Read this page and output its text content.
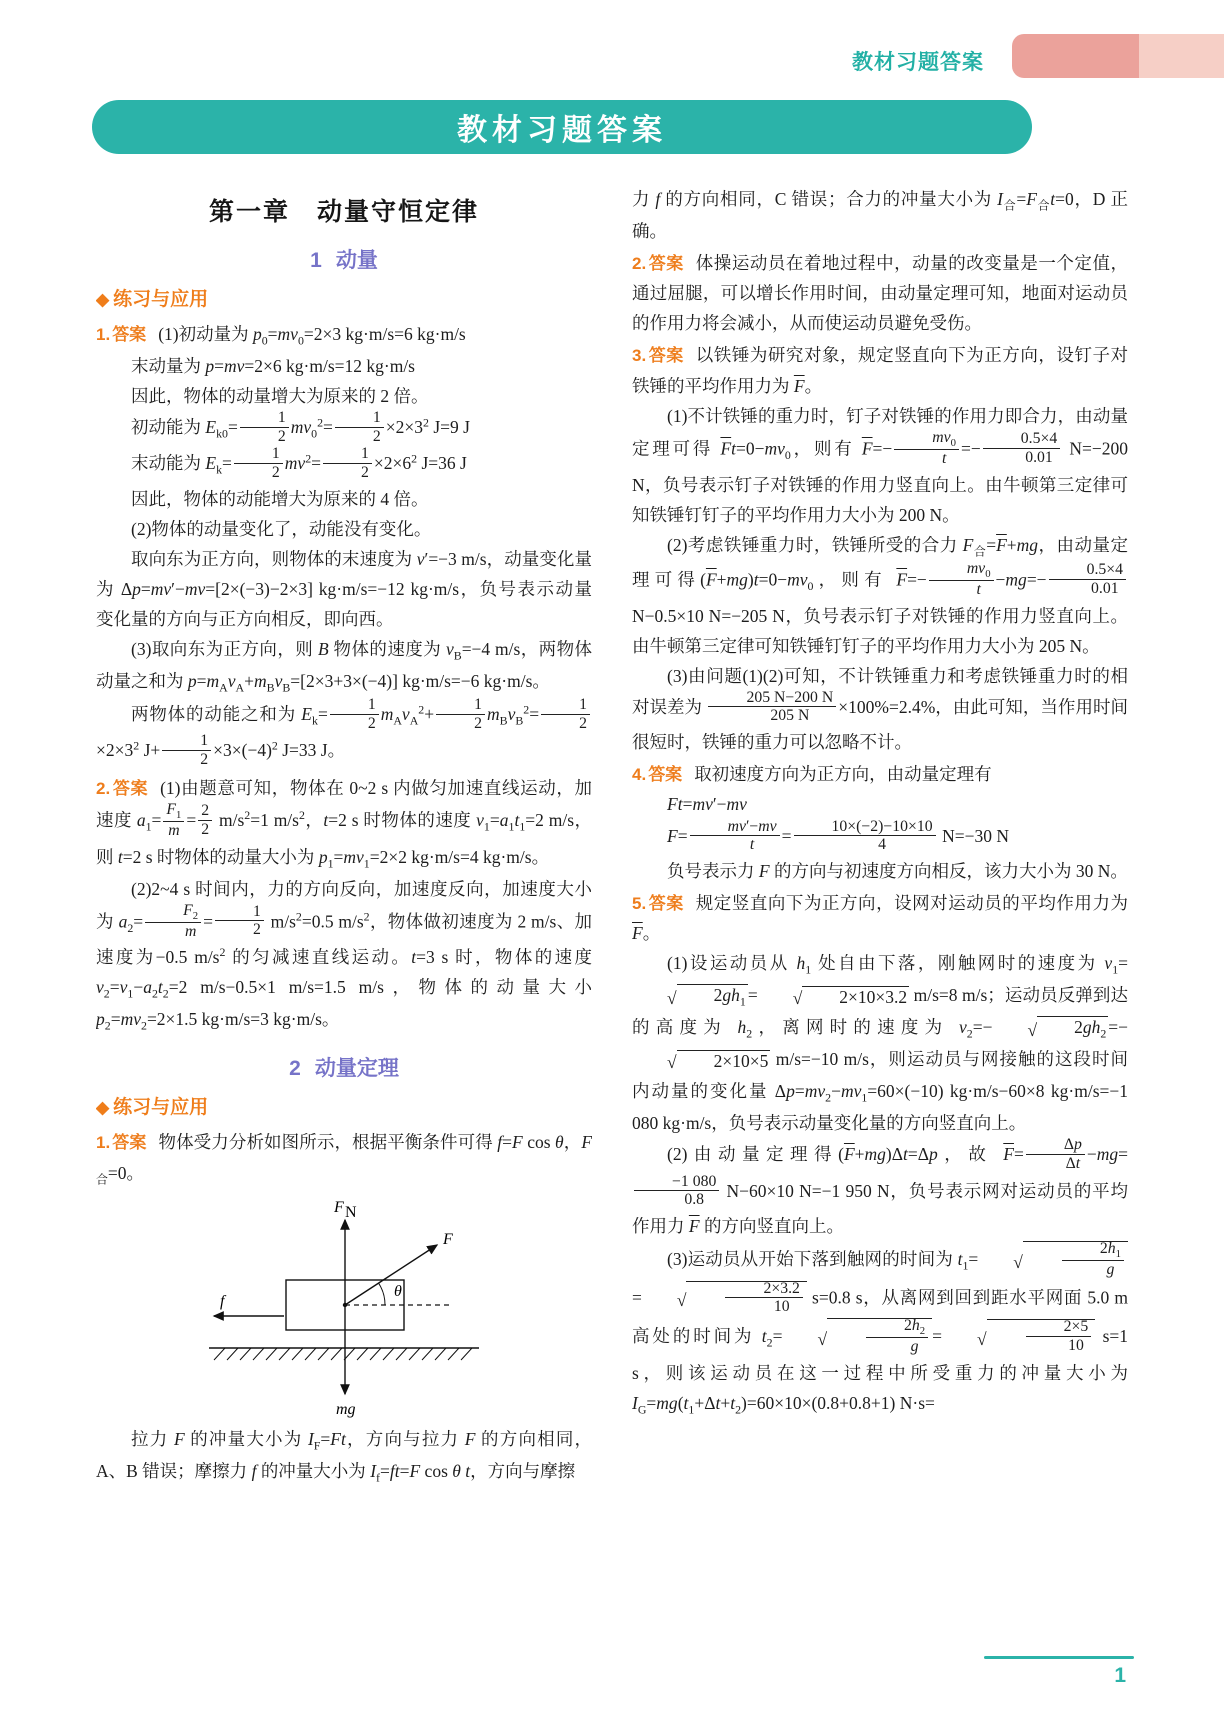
教材习题答案
教材习题答案
第一章　动量守恒定律
1 动量
◆ 练习与应用

1. 答案 (1)初动量为 $p_0=mv_0=2\times 3$ kg·m/s=6 kg·m/s

末动量为 p=mv=2×6 kg·m/s=12 kg·m/s

因此，物体的动量增大为原来的 2 倍。

初动能为 $E_{k0}= \frac{1}{2} mv_0^2= \frac{1}{2} \times 2\times 3^2$ J=9 J

末动能为 $E_k= \frac{1}{2} mv^2= \frac{1}{2} \times 2\times 6^2$ J=36 J

因此，物体的动能增大为原来的 4 倍。

(2)物体的动量变化了，动能没有变化。

取向东为正方向，则物体的末速度为 v′=−3 m/s，动量变化量为 Δp=mv′−mv=[2×(−3)−2×3] kg·m/s=−12 kg·m/s，负号表示动量变化量的方向与正方向相反，即向西。

(3)取向东为正方向，则 B 物体的速度为 $v_B=-4$ m/s，两物体动量之和为 $p=m_Av_A+m_Bv_B=[2\times 3+3\times(-4)]$ kg·m/s=−6 kg·m/s。

两物体的动能之和为 $E_k= \frac{1}{2} m_Av_A^2+ \frac{1}{2} m_Bv_B^2= \frac{1}{2}$
$\times 2\times 3^2$ $J+ \frac{1}{2} \times 3\times(-4)^2$ J=33 J。

2. 答案 (1)由题意可知，物体在 0~2 s 内做匀加速直线运动，加速度 $a_1= \frac{F_1}{m} = \frac{2}{2} m/s^2=1$ $m/s^2$，t=2 s 时物体的速度 $v_1=a_1t_1=2$ m/s，则 t=2 s 时物体的动量大小为 $p_1=mv_1=2\times 2$ kg·m/s=4 kg·m/s。

(2)2~4 s 时间内，力的方向反向，加速度反向，加速度大小为 $a_2= \frac{F_2}{m} = \frac{1}{2} m/s^2=0.5$ $m/s^2$，物体做初速度为 2 m/s、加速度为−0.5 $m/s^2$ 的匀减速直线运动。t=3 s 时，物体的速度 $v_2=v_1-a_2t_2=2$ m/s−0.5×1 m/s=1.5 m/s，物体的动量大小 $p_2=mv_2=2\times 1.5$ kg·m/s=3 kg·m/s。

2 动量定理
◆ 练习与应用

1. 答案 物体受力分析如图所示，根据平衡条件可得 f=F cos θ，$F_合=0$。

F N
F
θ
f
mg

拉力 F 的冲量大小为 $I_F=Ft$，方向与拉力 F 的方向相同，A、B 错误；摩擦力 f 的冲量大小为 $I_f=ft=F$ cos θ t，方向与摩擦

力 f 的方向相同，C 错误；合力的冲量大小为 $I_合=F_合t=0$，D 正确。

2. 答案 体操运动员在着地过程中，动量的改变量是一个定值，通过屈腿，可以增长作用时间，由动量定理可知，地面对运动员的作用力将会减小，从而使运动员避免受伤。

3. 答案 以铁锤为研究对象，规定竖直向下为正方向，设钉子对铁锤的平均作用力为 $\overline{F}$。

(1)不计铁锤的重力时，钉子对铁锤的作用力即合力，由动量定理可得 $\overline{F}t=0-mv_0$，则有 $\overline{F}=- \frac{mv_0}{t} =- \frac{0.5\times 4}{0.01} N=-200$ N，负号表示钉子对铁锤的作用力竖直向上。由牛顿第三定律可知铁锤钉钉子的平均作用力大小为 200 N。

(2)考虑铁锤重力时，铁锤所受的合力 $F_合=\overline{F}+mg$，由动量定理可得$(\overline{F}+mg)t=0-mv_0$，则有 $\overline{F}=- \frac{mv_0}{t} -mg=- \frac{0.5\times 4}{0.01}$
N−0.5×10 N=−205 N，负号表示钉子对铁锤的作用力竖直向上。由牛顿第三定律可知铁锤钉钉子的平均作用力大小为 205 N。

(3)由问题(1)(2)可知，不计铁锤重力和考虑铁锤重力时的相对误差为 $\frac{205 N-200 N}{205 N} \times 100\%=2.4\%$，由此可知，当作用时间很短时，铁锤的重力可以忽略不计。

4. 答案 取初速度方向为正方向，由动量定理有

Ft=mv′−mv

$F= \frac{mv'-mv}{t} = \frac{10\times(-2)-10\times 10}{4} N=-30$ N

负号表示力 F 的方向与初速度方向相反，该力大小为 30 N。

5. 答案 规定竖直向下为正方向，设网对运动员的平均作用力为 $\overline{F}$。

(1)设运动员从 $h_1$ 处自由下落，刚触网时的速度为 $v_1=$
√ $2gh_1$ =	√ 2×10×3.2 m/s=8 m/s；运动员反弹到达的高度为 $h_2$，离网时的速度为 $v_2=-$	√ $2gh_2$ =−
√ 2×10×5 m/s=−10 m/s，则运动员与网接触的这段时间内动量的变化量 $\Delta p=mv_2-mv_1=60\times(-10)$ kg·m/s−60×8 kg·m/s=−1 080 kg·m/s，负号表示动量变化量的方向竖直向上。

(2)由动量定理得$(\overline{F}+mg)\Delta t=\Delta p$，故 $\overline{F}= \frac{\Delta p}{\Delta t} -mg=$
$\frac{-1 080}{0.8} N-60\times 10$ N=−1 950 N，负号表示网对运动员的平均作用力 $\overline{F}$ 的方向竖直向上。

(3)运动员从开始下落到触网的时间为 $t_1=$	√ $\frac{2h_1}{g}$
=	√ $\frac{2\times 3.2}{10} s=0.8$ s，从离网到回到距水平网面 5.0 m 高处的时间为 $t_2=$	√ $\frac{2h_2}{g}$ =	√ $\frac{2\times 5}{10} s=1$ s，则该运动员在这一过程中所受重力的冲量大小为 $I_G=mg(t_1+\Delta t+t_2)=60\times 10\times(0.8+0.8+1)$ N·s=

1
